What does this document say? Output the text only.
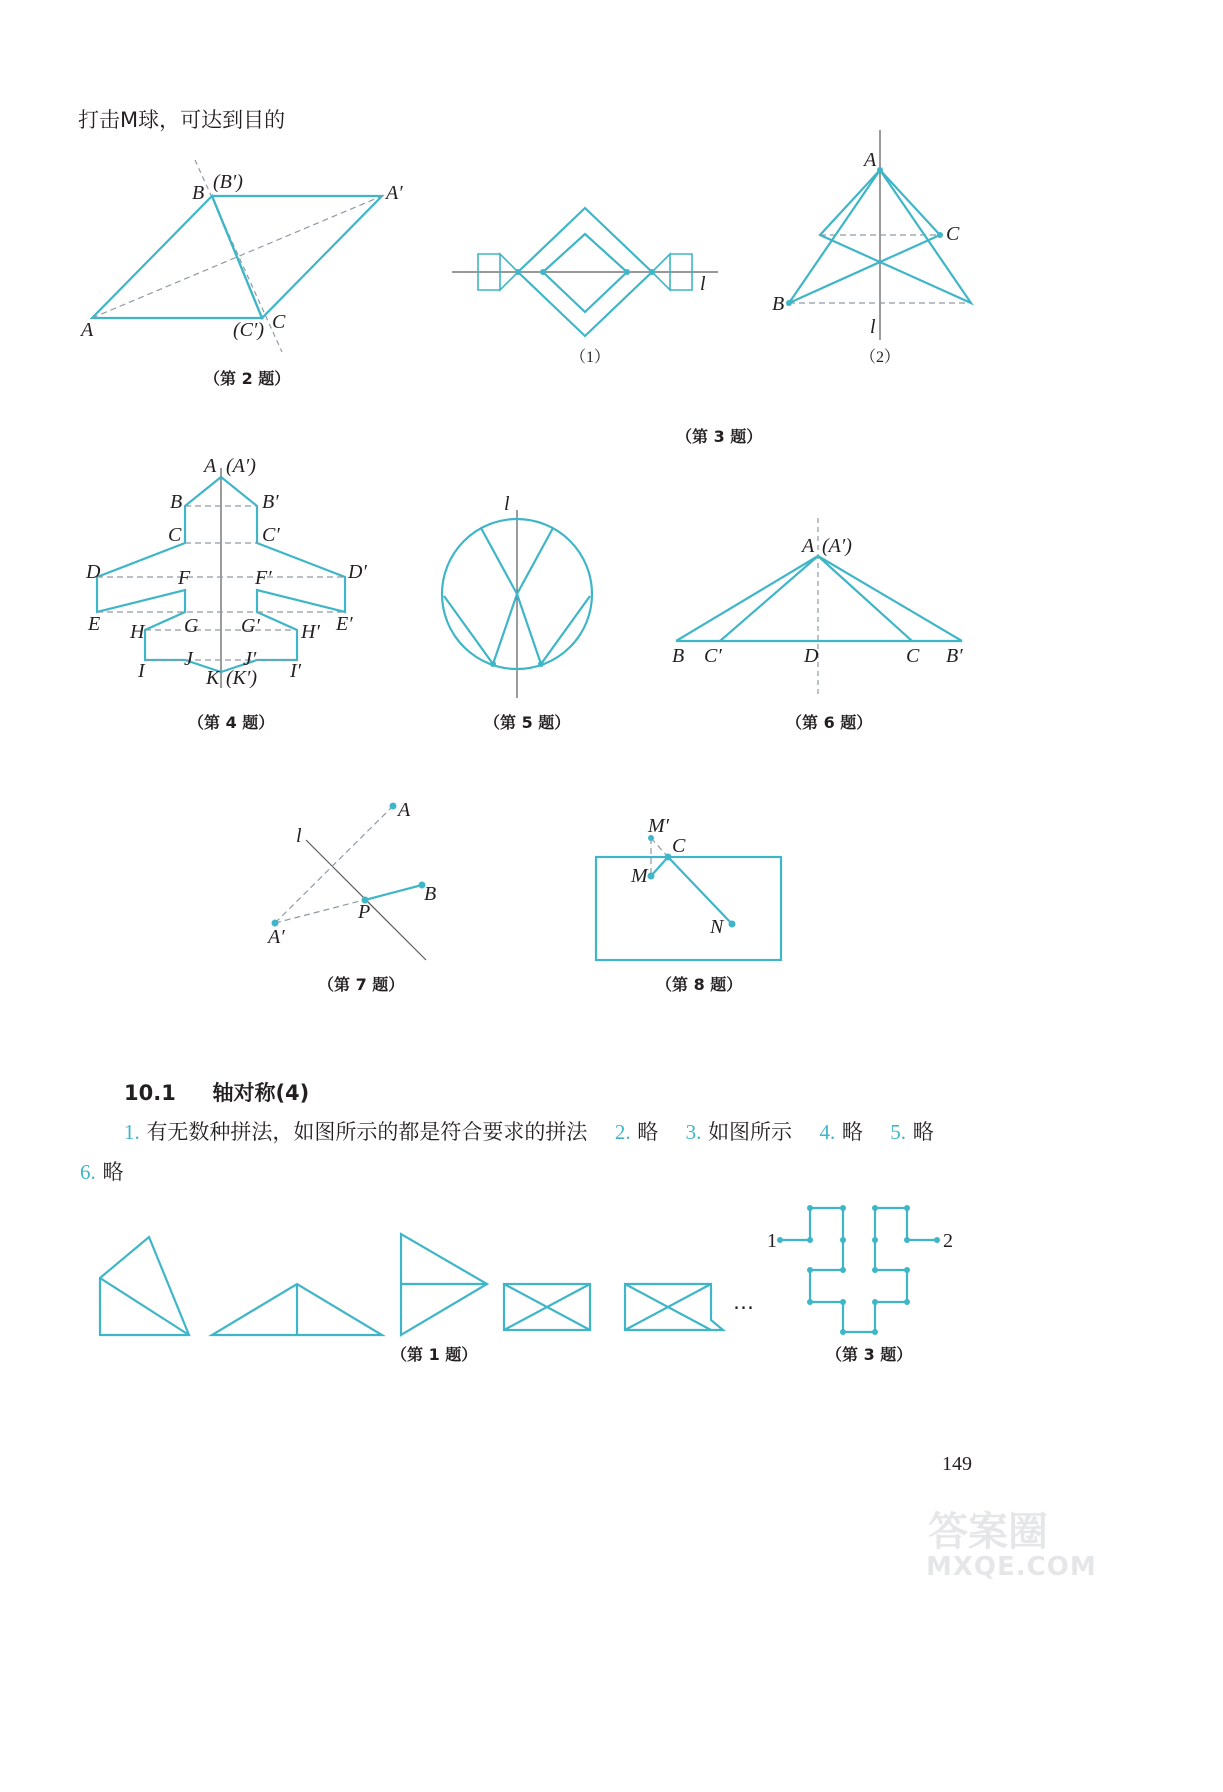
打击M球，可达到目的
B (B′)	A′
A	(C′) C
（第 2 题）
l
（1）
A
C
B
l
（2）
（第 3 题）
A (A′)
B	B′
C	C′
D	D′
F	F′
E	E′
H G G′ H′
I
J	J′
I′
K (K′)
（第 4 题）
l
（第 5 题）
A (A′)
B C′	D	C B′
（第 6 题）
A
l
B
P
A′
（第 7 题）
M′
C
M
N
（第 8 题）
10.1 轴对称(4)
1. 有无数种拼法，如图所示的都是符合要求的拼法 2. 略 3. 如图所示 4. 略 5. 略
6. 略
…
（第 1 题）
1	2
（第 3 题）
149
答案圈
MXQE.COM
